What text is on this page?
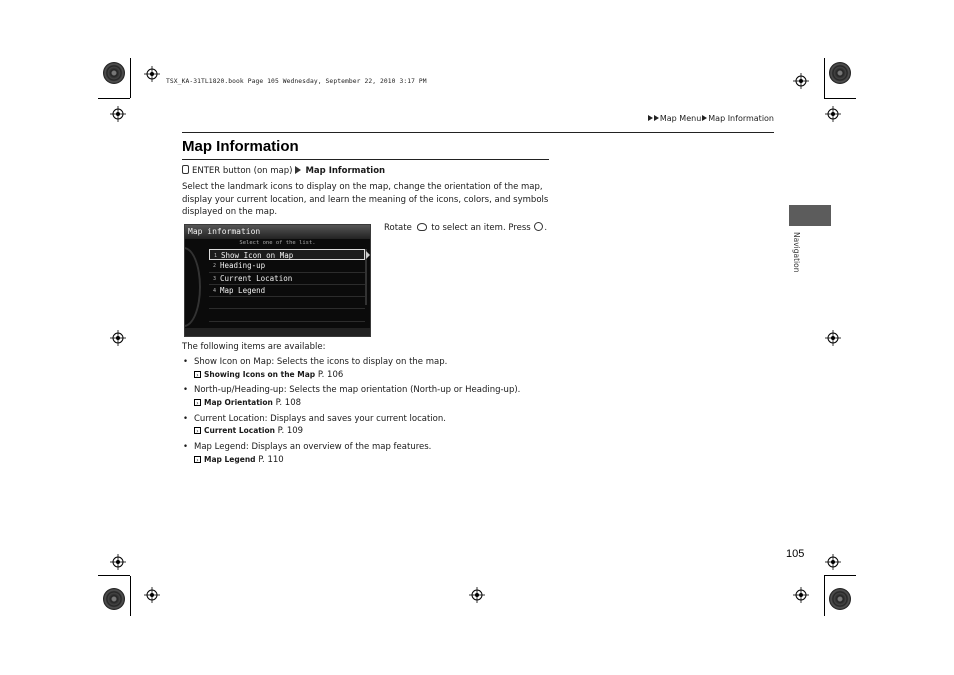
TSX_KA-31TL1820.book Page 105 Wednesday, September 22, 2010 3:17 PM
Map Menu Map Information
Map Information
ENTER button (on map) Map Information
Select the landmark icons to display on the map, change the orientation of the map, display your current location, and learn the meaning of the icons, colors, and symbols displayed on the map.
Map information
Select one of the list.
1 Show Icon on Map
2 Heading-up
3 Current Location
4 Map Legend
Rotate to select an item. Press .
The following items are available:
• Show Icon on Map: Selects the icons to display on the map.
› Showing Icons on the Map P. 106
• North-up/Heading-up: Selects the map orientation (North-up or Heading-up).
› Map Orientation P. 108
• Current Location: Displays and saves your current location.
› Current Location P. 109
• Map Legend: Displays an overview of the map features.
› Map Legend P. 110
105
Navigation
